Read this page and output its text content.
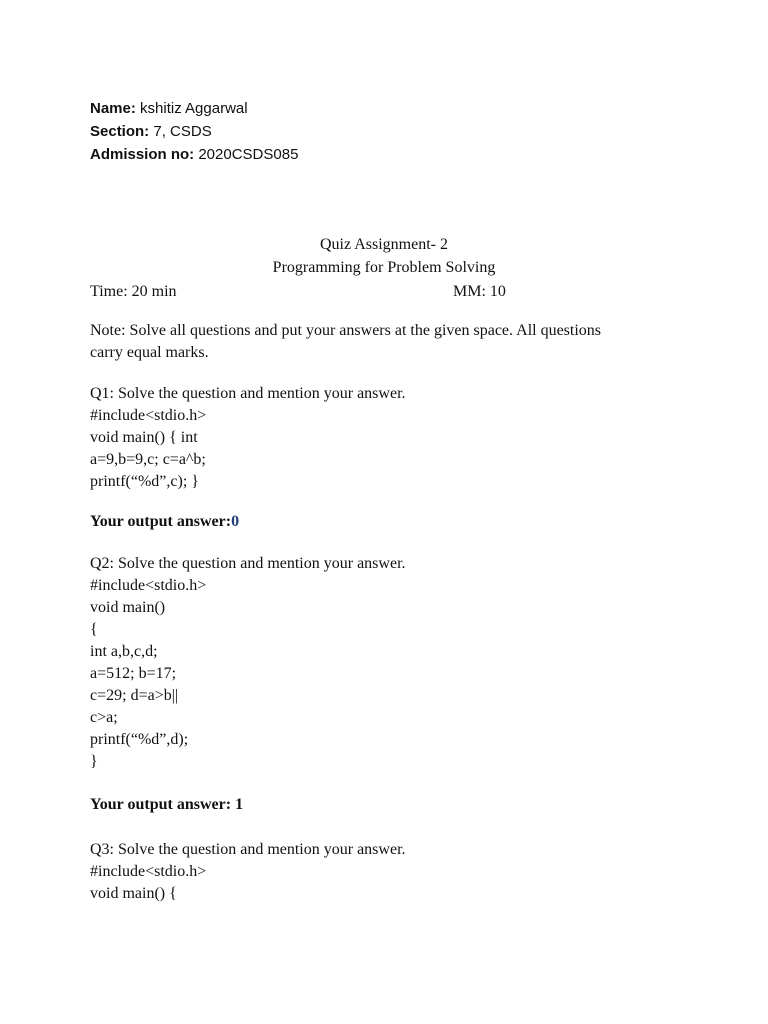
Name: kshitiz Aggarwal
Section: 7, CSDS
Admission no: 2020CSDS085
Quiz Assignment- 2
Programming for Problem Solving
Time: 20 min	MM: 10
Note: Solve all questions and put your answers at the given space. All questions
carry equal marks.
Q1: Solve the question and mention your answer.
#include<stdio.h>
void main() { int
a=9,b=9,c; c=a^b;
printf(“%d”,c); }
Your output answer:0
Q2: Solve the question and mention your answer.
#include<stdio.h>
void main()
{
int a,b,c,d;
a=512; b=17;
c=29; d=a>b||
c>a;
printf(“%d”,d);
}
Your output answer: 1
Q3: Solve the question and mention your answer.
#include<stdio.h>
void main() {
